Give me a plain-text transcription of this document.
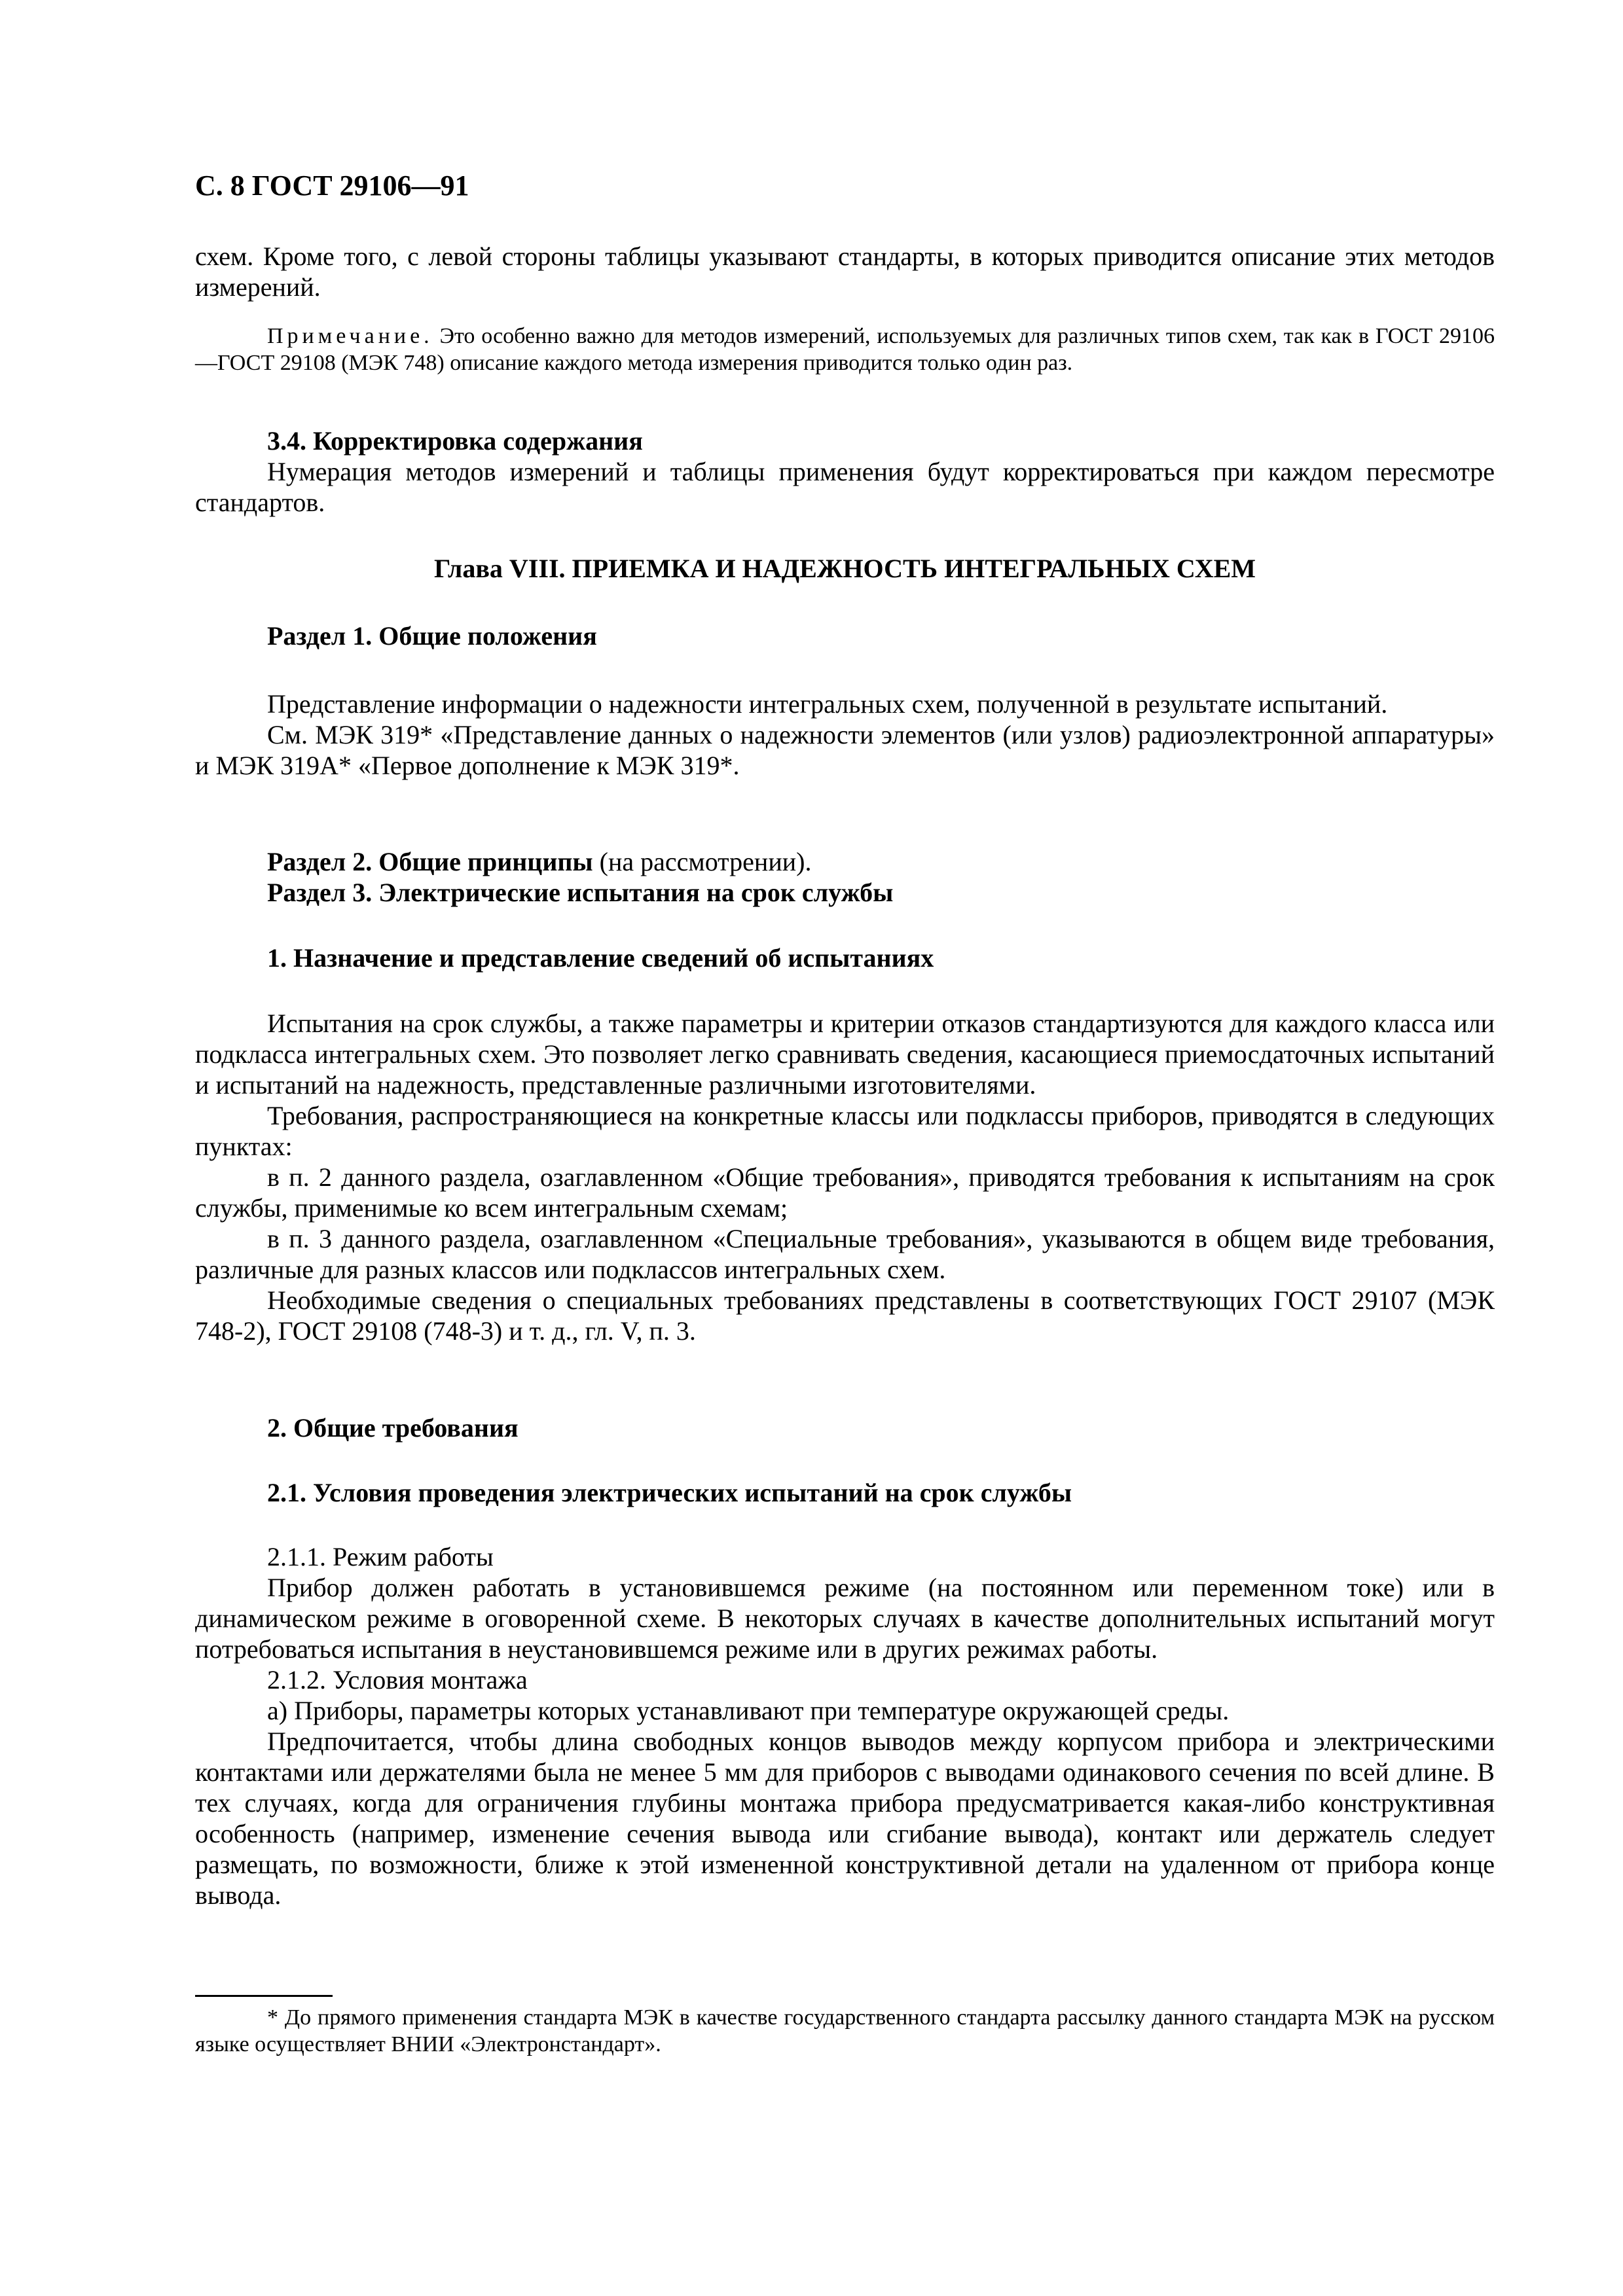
С. 8 ГОСТ 29106—91

схем. Кроме того, с левой стороны таблицы указывают стандарты, в которых приводится описание этих методов измерений.

Примечание. Это особенно важно для методов измерений, используемых для различных типов схем, так как в ГОСТ 29106—ГОСТ 29108 (МЭК 748) описание каждого метода измерения приводится только один раз.

3.4. Корректировка содержания

Нумерация методов измерений и таблицы применения будут корректироваться при каждом пересмотре стандартов.

Глава VIII. ПРИЕМКА И НАДЕЖНОСТЬ ИНТЕГРАЛЬНЫХ СХЕМ
Раздел 1. Общие положения

Представление информации о надежности интегральных схем, полученной в результате испытаний.

См. МЭК 319* «Представление данных о надежности элементов (или узлов) радиоэлектронной аппаратуры» и МЭК 319А* «Первое дополнение к МЭК 319*.

Раздел 2. Общие принципы (на рассмотрении).
Раздел 3. Электрические испытания на срок службы
1. Назначение и представление сведений об испытаниях

Испытания на срок службы, а также параметры и критерии отказов стандартизуются для каждого класса или подкласса интегральных схем. Это позволяет легко сравнивать сведения, касающиеся приемосдаточных испытаний и испытаний на надежность, представленные различными изготовителями.

Требования, распространяющиеся на конкретные классы или подклассы приборов, приводятся в следующих пунктах:

в п. 2 данного раздела, озаглавленном «Общие требования», приводятся требования к испытаниям на срок службы, применимые ко всем интегральным схемам;

в п. 3 данного раздела, озаглавленном «Специальные требования», указываются в общем виде требования, различные для разных классов или подклассов интегральных схем.

Необходимые сведения о специальных требованиях представлены в соответствующих ГОСТ 29107 (МЭК 748-2), ГОСТ 29108 (748-3) и т. д., гл. V, п. 3.

2. Общие требования
2.1. Условия проведения электрических испытаний на срок службы

2.1.1. Режим работы

Прибор должен работать в установившемся режиме (на постоянном или переменном токе) или в динамическом режиме в оговоренной схеме. В некоторых случаях в качестве дополнительных испытаний могут потребоваться испытания в неустановившемся режиме или в других режимах работы.

2.1.2. Условия монтажа

а) Приборы, параметры которых устанавливают при температуре окружающей среды.

Предпочитается, чтобы длина свободных концов выводов между корпусом прибора и электрическими контактами или держателями была не менее 5 мм для приборов с выводами одинакового сечения по всей длине. В тех случаях, когда для ограничения глубины монтажа прибора предусматривается какая-либо конструктивная особенность (например, изменение сечения вывода или сгибание вывода), контакт или держатель следует размещать, по возможности, ближе к этой измененной конструктивной детали на удаленном от прибора конце вывода.

* До прямого применения стандарта МЭК в качестве государственного стандарта рассылку данного стандарта МЭК на русском языке осуществляет ВНИИ «Электронстандарт».
